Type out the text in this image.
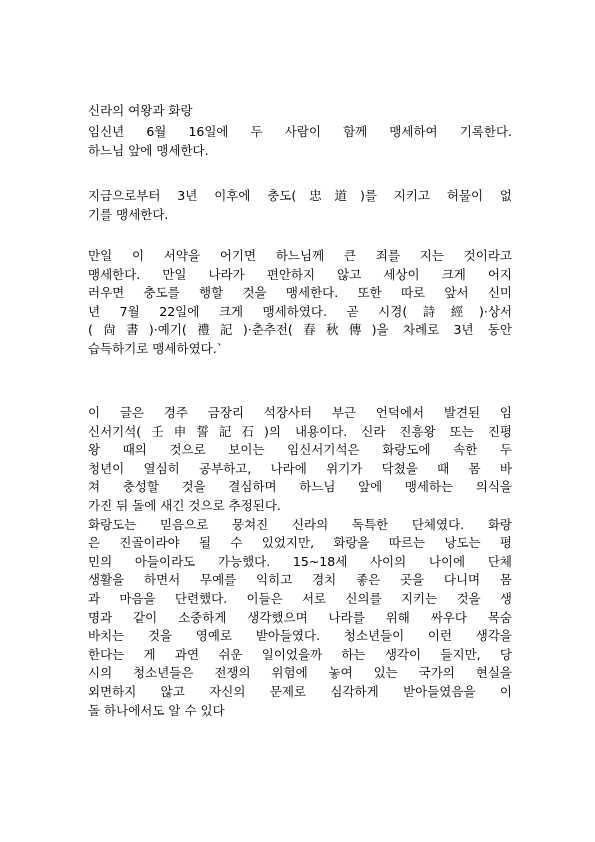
신라의 여왕과 화랑
임신년 6월 16일에 두 사람이 함께 맹세하여 기록한다.
하느님 앞에 맹세한다.
지금으로부터 3년 이후에 충도(忠道)를 지키고 허물이 없
기를 맹세한다.
만일 이 서약을 어기면 하느님께 큰 죄를 지는 것이라고
맹세한다. 만일 나라가 편안하지 않고 세상이 크게 어지
러우면 충도를 행할 것을 맹세한다. 또한 따로 앞서 신미
년 7월 22일에 크게 맹세하였다. 곧 시경(詩經)·상서
(尙書)·예기(禮記)·춘추전(春秋傳)을 차례로 3년 동안
습득하기로 맹세하였다.`
이 글은 경주 금장리 석장사터 부근 언덕에서 발견된 임
신서기석(壬申誓記石)의 내용이다. 신라 진흥왕 또는 진평
왕 때의 것으로 보이는 임신서기석은 화랑도에 속한 두
청년이 열심히 공부하고, 나라에 위기가 닥쳤을 때 몸 바
쳐 충성할 것을 결심하며 하느님 앞에 맹세하는 의식을
가진 뒤 돌에 새긴 것으로 추정된다.
화랑도는 믿음으로 뭉쳐진 신라의 독특한 단체였다. 화랑
은 진골이라야 될 수 있었지만, 화랑을 따르는 낭도는 평
민의 아들이라도 가능했다. 15~18세 사이의 나이에 단체
생활을 하면서 무예를 익히고 경치 좋은 곳을 다니며 몸
과 마음을 단련했다. 이들은 서로 신의를 지키는 것을 생
명과 같이 소중하게 생각했으며 나라를 위해 싸우다 목숨
바치는 것을 영예로 받아들였다. 청소년들이 이런 생각을
한다는 게 과연 쉬운 일이었을까 하는 생각이 들지만, 당
시의 청소년들은 전쟁의 위험에 놓여 있는 국가의 현실을
외면하지 않고 자신의 문제로 심각하게 받아들였음을 이
돌 하나에서도 알 수 있다
